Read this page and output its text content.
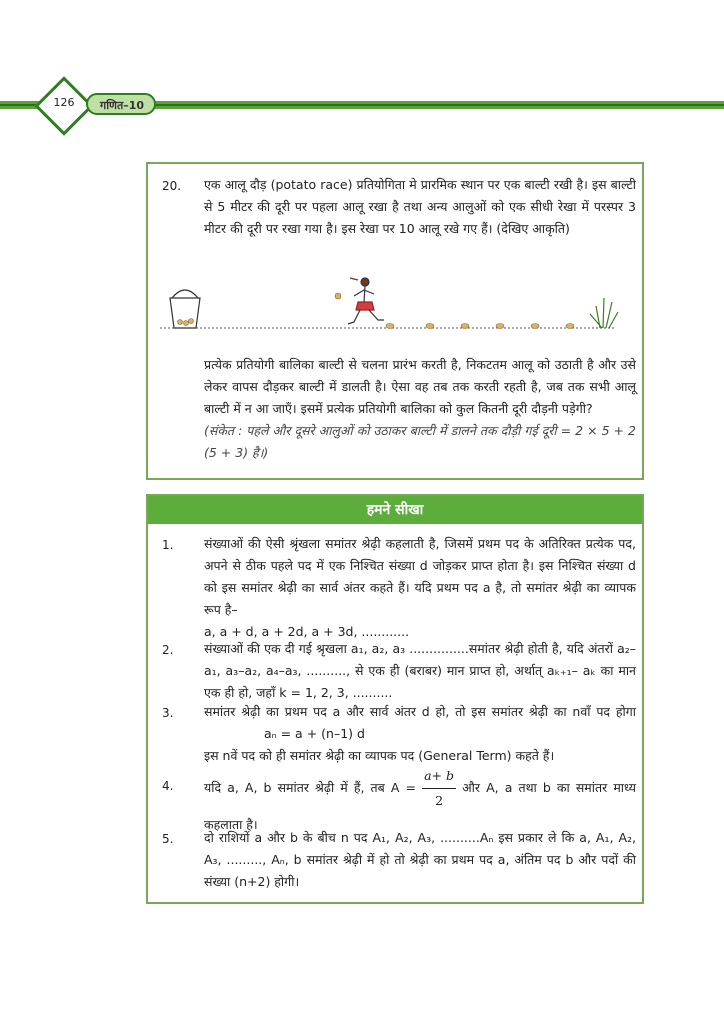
126	गणित–10
20. एक आलू दौड़ (potato race) प्रतियोगिता मे प्रारमिक स्थान पर एक बाल्टी रखी है। इस बाल्टी से 5 मीटर की दूरी पर पहला आलू रखा है तथा अन्य आलुओं को एक सीधी रेखा में परस्पर 3 मीटर की दूरी पर रखा गया है। इस रेखा पर 10 आलू रखे गए हैं। (देखिए आकृति)
प्रत्येक प्रतियोगी बालिका बाल्टी से चलना प्रारंभ करती है, निकटतम आलू को उठाती है और उसे लेकर वापस दौड़कर बाल्टी में डालती है। ऐसा वह तब तक करती रहती है, जब तक सभी आलू बाल्टी में न आ जाएँ। इसमें प्रत्येक प्रतियोगी बालिका को कुल कितनी दूरी दौड़नी पड़ेगी?
(संकेत : पहले और दूसरे आलुओं को उठाकर बाल्टी में डालने तक दौड़ी गई दूरी = 2 × 5 + 2 (5 + 3) है।)
हमने सीखा
1. संख्याओं की ऐसी श्रृंखला समांतर श्रेढ़ी कहलाती है, जिसमें प्रथम पद के अतिरिक्त प्रत्येक पद, अपने से ठीक पहले पद में एक निश्चित संख्या d जोड़कर प्राप्त होता है। इस निश्चित संख्या d को इस समांतर श्रेढ़ी का सार्व अंतर कहते हैं। यदि प्रथम पद a है, तो समांतर श्रेढ़ी का व्यापक रूप है–
a, a + d, a + 2d, a + 3d, ............
2. संख्याओं की एक दी गई श्रृखला a₁, a₂, a₃ ...............समांतर श्रेढ़ी होती है, यदि अंतरों a₂– a₁, a₃–a₂, a₄–a₃, .........., से एक ही (बराबर) मान प्राप्त हो, अर्थात् aₖ₊₁– aₖ का मान एक ही हो, जहाँ k = 1, 2, 3, ..........
3. समांतर श्रेढ़ी का प्रथम पद a और सार्व अंतर d हो, तो इस समांतर श्रेढ़ी का nवाँ पद होगा aₙ = a + (n–1) d
इस nवें पद को ही समांतर श्रेढ़ी का व्यापक पद (General Term) कहते हैं।
4. यदि a, A, b समांतर श्रेढ़ी में हैं, तब $A = \frac{a+ b}{2}$ और A, a तथा b का समांतर माध्य कहलाता है।
5. दो राशियों a और b के बीच n पद A₁, A₂, A₃, ..........Aₙ इस प्रकार ले कि a, A₁, A₂, A₃, ........., Aₙ, b समांतर श्रेढ़ी में हो तो श्रेढ़ी का प्रथम पद a, अंतिम पद b और पदों की संख्या (n+2) होगी।
